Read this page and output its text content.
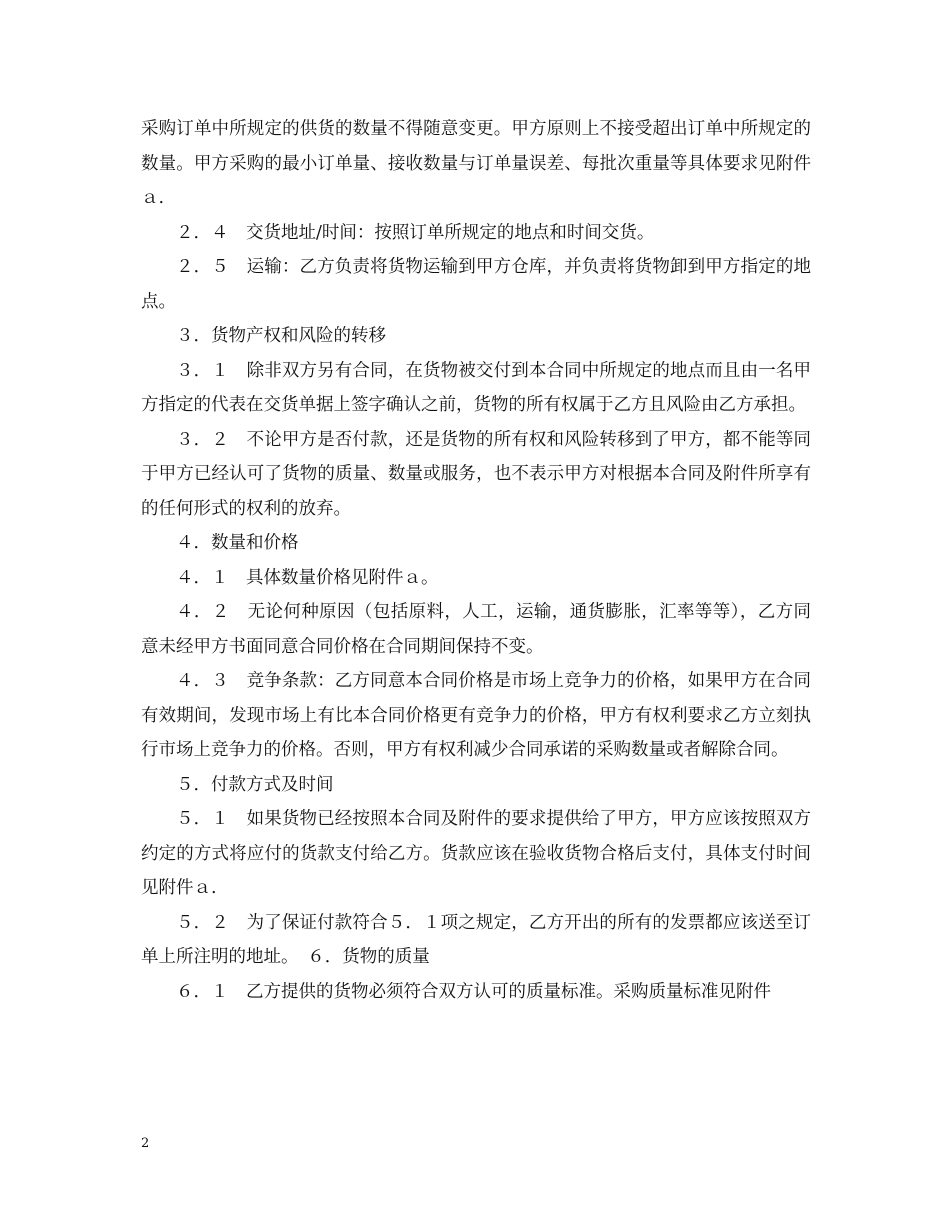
采购订单中所规定的供货的数量不得随意变更。甲方原则上不接受超出订单中所规定的数量。甲方采购的最小订单量、接收数量与订单量误差、每批次重量等具体要求见附件ａ.

２．４　交货地址/时间：按照订单所规定的地点和时间交货。

２．５　运输：乙方负责将货物运输到甲方仓库，并负责将货物卸到甲方指定的地点。

３．货物产权和风险的转移

３．１　除非双方另有合同，在货物被交付到本合同中所规定的地点而且由一名甲方指定的代表在交货单据上签字确认之前，货物的所有权属于乙方且风险由乙方承担。

３．２　不论甲方是否付款，还是货物的所有权和风险转移到了甲方，都不能等同于甲方已经认可了货物的质量、数量或服务，也不表示甲方对根据本合同及附件所享有的任何形式的权利的放弃。

４．数量和价格

４．１　具体数量价格见附件ａ。

４．２　无论何种原因（包括原料，人工，运输，通货膨胀，汇率等等），乙方同意未经甲方书面同意合同价格在合同期间保持不变。

４．３　竞争条款：乙方同意本合同价格是市场上竞争力的价格，如果甲方在合同有效期间，发现市场上有比本合同价格更有竞争力的价格，甲方有权利要求乙方立刻执行市场上竞争力的价格。否则，甲方有权利减少合同承诺的采购数量或者解除合同。

５．付款方式及时间

５．１　如果货物已经按照本合同及附件的要求提供给了甲方，甲方应该按照双方约定的方式将应付的货款支付给乙方。货款应该在验收货物合格后支付，具体支付时间见附件ａ.

５．２　为了保证付款符合５．１项之规定，乙方开出的所有的发票都应该送至订单上所注明的地址。　６．货物的质量

６．１　乙方提供的货物必须符合双方认可的质量标准。采购质量标准见附件

2
